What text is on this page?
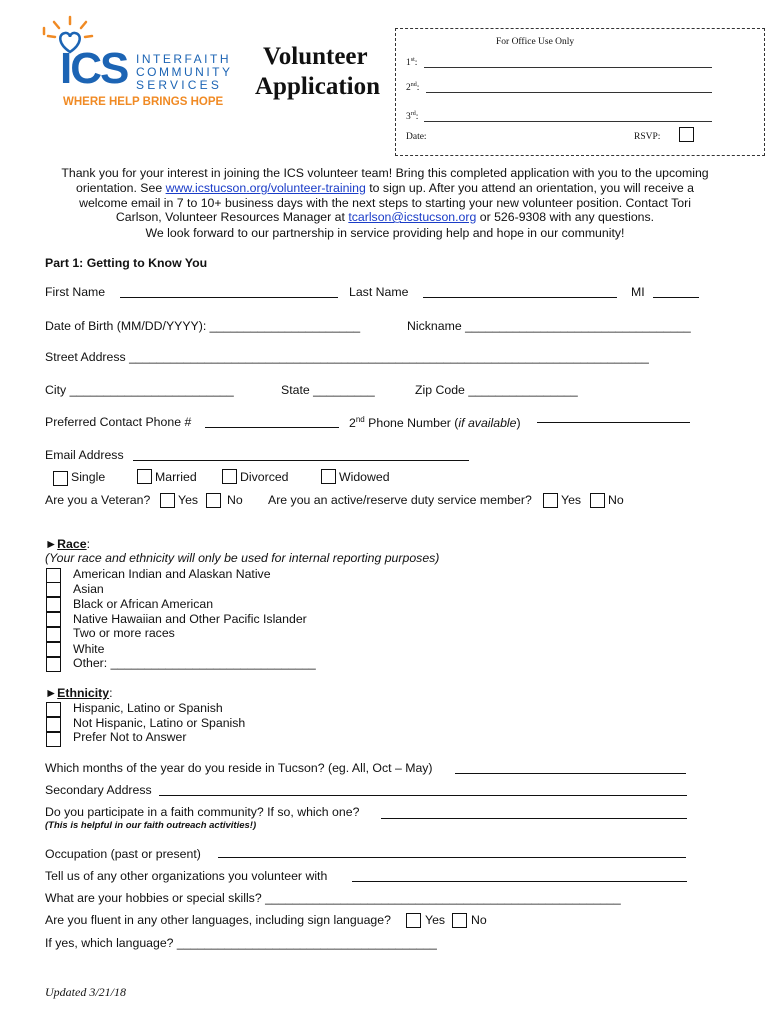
ICS INTERFAITH
COMMUNITY
SERVICES
WHERE HELP BRINGS HOPE
Volunteer
Application
For Office Use Only
1st:
2nd:
3rd:
Date:	RSVP:
Thank you for your interest in joining the ICS volunteer team! Bring this completed application with you to the upcoming
orientation. See www.icstucson.org/volunteer-training to sign up. After you attend an orientation, you will receive a
welcome email in 7 to 10+ business days with the next steps to starting your new volunteer position. Contact Tori
Carlson, Volunteer Resources Manager at tcarlson@icstucson.org or 526-9308 with any questions.
We look forward to our partnership in service providing help and hope in our community!
Part 1: Getting to Know You
First Name	Last Name	MI
Date of Birth (MM/DD/YYYY): ______________________	Nickname _________________________________
Street Address ____________________________________________________________________________
City ________________________	State _________	Zip Code ________________
Preferred Contact Phone #	2nd Phone Number (if available)
Email Address
Single	Married	Divorced	Widowed
Are you a Veteran? Yes No Are you an active/reserve duty service member? Yes No
►Race:
(Your race and ethnicity will only be used for internal reporting purposes)
American Indian and Alaskan Native
Asian
Black or African American
Native Hawaiian and Other Pacific Islander
Two or more races
White
Other: ______________________________
►Ethnicity:
Hispanic, Latino or Spanish
Not Hispanic, Latino or Spanish
Prefer Not to Answer
Which months of the year do you reside in Tucson? (eg. All, Oct – May)
Secondary Address
Do you participate in a faith community? If so, which one?
(This is helpful in our faith outreach activities!)
Occupation (past or present)
Tell us of any other organizations you volunteer with
What are your hobbies or special skills? ____________________________________________________
Are you fluent in any other languages, including sign language?	Yes No
If yes, which language? ______________________________________
Updated 3/21/18
